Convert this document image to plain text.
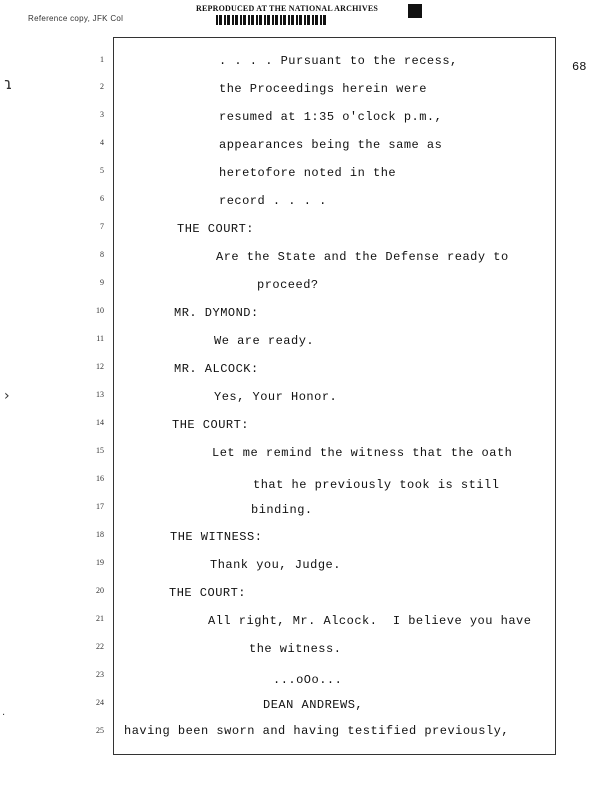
Reference copy, JFK Col
REPRODUCED AT THE NATIONAL ARCHIVES
68
ɿ
›
·
1
2
3
4
5
6
7
8
9
10
11
12
13
14
15
16
17
18
19
20
21
22
23
24
25
. . . . Pursuant to the recess,
the Proceedings herein were
resumed at 1:35 o'clock p.m.,
appearances being the same as
heretofore noted in the
record . . . .
THE COURT:
Are the State and the Defense ready to
proceed?
MR. DYMOND:
We are ready.
MR. ALCOCK:
Yes, Your Honor.
THE COURT:
Let me remind the witness that the oath
that he previously took is still
binding.
THE WITNESS:
Thank you, Judge.
THE COURT:
All right, Mr. Alcock.  I believe you have
the witness.
...oOo...
DEAN ANDREWS,
having been sworn and having testified previously,
